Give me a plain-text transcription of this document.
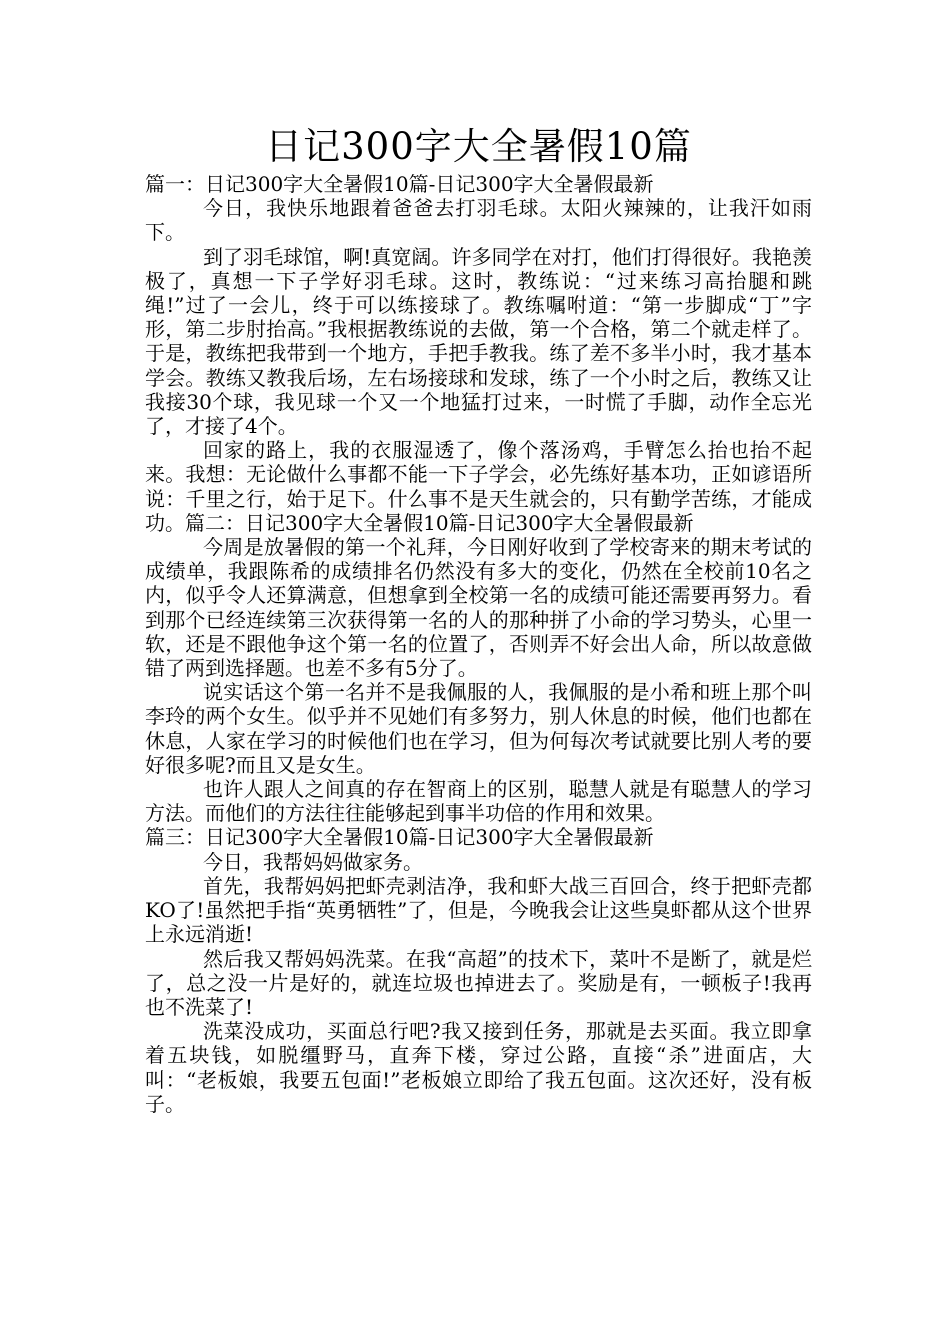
日记300字大全暑假10篇

篇一：日记300字大全暑假10篇-日记300字大全暑假最新

今日，我快乐地跟着爸爸去打羽毛球。太阳火辣辣的，让我汗如雨下。

到了羽毛球馆，啊!真宽阔。许多同学在对打，他们打得很好。我艳羡极了，真想一下子学好羽毛球。这时，教练说：“过来练习高抬腿和跳绳!”过了一会儿，终于可以练接球了。教练嘱咐道：“第一步脚成“丁”字形，第二步肘抬高。”我根据教练说的去做，第一个合格，第二个就走样了。于是，教练把我带到一个地方，手把手教我。练了差不多半小时，我才基本学会。教练又教我后场，左右场接球和发球，练了一个小时之后，教练又让我接30个球，我见球一个又一个地猛打过来，一时慌了手脚，动作全忘光了，才接了4个。

回家的路上，我的衣服湿透了，像个落汤鸡，手臂怎么抬也抬不起来。我想：无论做什么事都不能一下子学会，必先练好基本功，正如谚语所说：千里之行，始于足下。什么事不是天生就会的，只有勤学苦练，才能成功。篇二：日记300字大全暑假10篇-日记300字大全暑假最新

今周是放暑假的第一个礼拜，今日刚好收到了学校寄来的期末考试的成绩单，我跟陈希的成绩排名仍然没有多大的变化，仍然在全校前10名之内，似乎令人还算满意，但想拿到全校第一名的成绩可能还需要再努力。看到那个已经连续第三次获得第一名的人的那种拼了小命的学习势头，心里一软，还是不跟他争这个第一名的位置了，否则弄不好会出人命，所以故意做错了两到选择题。也差不多有5分了。

说实话这个第一名并不是我佩服的人，我佩服的是小希和班上那个叫李玲的两个女生。似乎并不见她们有多努力，别人休息的时候，他们也都在休息，人家在学习的时候他们也在学习，但为何每次考试就要比别人考的要好很多呢?而且又是女生。

也许人跟人之间真的存在智商上的区别，聪慧人就是有聪慧人的学习方法。而他们的方法往往能够起到事半功倍的作用和效果。

篇三：日记300字大全暑假10篇-日记300字大全暑假最新

今日，我帮妈妈做家务。

首先，我帮妈妈把虾壳剥洁净，我和虾大战三百回合，终于把虾壳都KO了!虽然把手指“英勇牺牲”了，但是，今晚我会让这些臭虾都从这个世界上永远消逝!

然后我又帮妈妈洗菜。在我“高超”的技术下，菜叶不是断了，就是烂了，总之没一片是好的，就连垃圾也掉进去了。奖励是有，一顿板子!我再也不洗菜了!

洗菜没成功，买面总行吧?我又接到任务，那就是去买面。我立即拿着五块钱，如脱缰野马，直奔下楼，穿过公路，直接“杀”进面店，大叫：“老板娘，我要五包面!”老板娘立即给了我五包面。这次还好，没有板子。
